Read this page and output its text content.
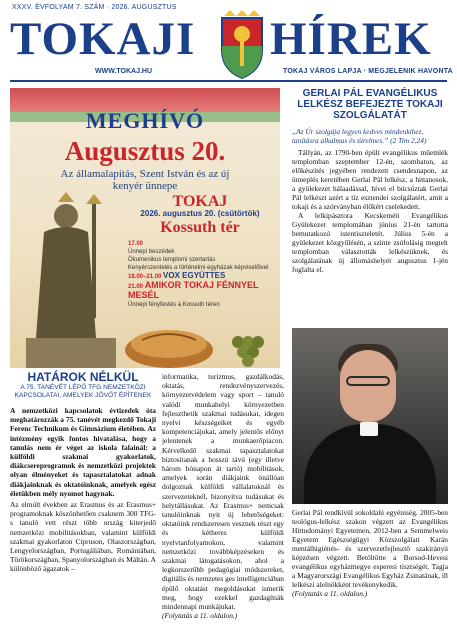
XXXV. ÉVFOLYAM 7. SZÁM · 2026. AUGUSZTUS
TOKAJI HÍREK
WWW.TOKAJ.HU	TOKAJ VÁROS LAPJA · MEGJELENIK HAVONTA
MEGHÍVÓ
Augusztus 20.
Az államalapítás, Szent István és az új kenyér ünnepe
TOKAJ
2026. augusztus 20. (csütörtök)
Kossuth tér
17.00
Ünnepi beszédek
Ökumenikus templomi szertartás
Kenyérszentelés a történelmi egyházak képviselőivel
18.00–21.00 VOX EGYÜTTES
21.00 AMIKOR TOKAJ FÉNNYEL MESÉL
Ünnepi fényfestés a Kossuth téren
GERLAI PÁL EVANGÉLIKUS LELKÉSZ BEFEJEZTE TOKAJI SZOLGÁLATÁT
„Az Úr szolgája legyen kedves mindenkihez, tanításra alkalmas és türelmes.” (2 Tim 2,24)

Tállyán, az 1790-ben épült evangélikus műemlék templomban szeptember 12-én, szombaton, az előkészítés jegyében rendezett csendesnapon, az ünneplés keretében Gerlai Pál lelkész, a hittanosok, a gyülekezet hálaadással, hívei el búcsúztak Gerlai Pál lelkészt azért a tíz esztendei szolgálatért, amit a tokaji és a szórványban élőkért cselekedett.

A lelkipásztora Kecskeméti Evangélikus Gyülekezet templomában június 21-én tartotta bemutatkozó istentiszteletét. Július 5-én a gyülekezet közgyűlésén, a szinte zsúfolásig megtelt templomban választották lelkészüknek, és szolgálatának új állomáshelyét augusztus 1-jén foglalta el.

Gerlai Pál rendkívül sokoldalú egyéniség. 2005-ben teológus-lelkész szakon végzett az Evangélikus Hittudományi Egyetemen, 2012-ben a Semmelweis Egyetem Egészségügyi Közszolgálati Karán mentálhigiénés- és szervezetfejlesztő szakirányú képzésen végzett. Betöltötte a Borsod-Hevesi evangélikus egyházmegye esperesi tisztségét. Tagja a Magyarországi Evangélikus Egyház Zsinatának, ill lelkészi alelnökként tevékenykedik.
(Folytatás a 11. oldalon.)
HATÁROK NÉLKÜL
A 75. TANÉVÉT LÉPŐ TFG NEMZETKÖZI KAPCSOLATAI, AMELYEK JÖVŐT ÉPÍTENEK
A nemzetközi kapcsolatok évtizedek óta meghatározzák a 75. tanévét megkezdő Tokaji Ferenc Technikum és Gimnázium életében. Az intézmény egyik fontos hivatalása, hogy a tanulás nem ér véget az iskola falainál: a külföldi szakmai gyakorlatok, diákcsereprogramok és nemzetközi projektek olyan élményeket és tapasztalatokat adnak diákjainknak és oktatóinknak, amelyek egész életükben mély nyomot hagynak.
Az elmúlt években az Erasmus és az Erasmus+ programoknak köszönhetően csaknem 300 TFG-s tanuló vett részt több ország kiterjedő nemzetközi mobilitásokban, valamint külföldi szakmai gyakorlaton Cipruson, Olaszországban, Lengyelországban, Portugáliában, Romániában, Törökországban, Spanyolországban és Máltán. A különböző ágazatok –
informatika, turizmus, gazdálkodás, oktatás, rendezvényszervezés, környezetvédelem vagy sport – tanuló valódi munkahelyi környezetben fejleszthetik szakmai tudásukat, idegen nyelvi készségeiket és egyéb kompetenciájukat, amely jelentős előnyt jelentenek a munkaerőpiacon. Kérvelkedő szakmai tapasztalatokat biztosítanak a hosszú távú (egy illetve három hónapon át tartó) mobilitások, amelyek során diákjaink önállóan dolgoznak külföldi vállalatoknál és szervezeteknél, bizonyítva tudásukat és helytállásukat. Az Erasmus+ nemcsak tanulóinknak nyit új lehetőségeket: oktatóink rendszeresen vesznek részt egy és kétheres külföldi nyelvtanfolyamokon, valamint nemzetközi továbbképzéseken és szakmai látogatásokon, ahol a legkorszerűbb pedagógiai módszereket, digitális és nemzetes ges intelligenciában épülő oktatást megoldásokat ismerik meg, hogy ezekkel gazdagítsák mindennapi munkájukat.
(Folytatás a 11. oldalon.)
